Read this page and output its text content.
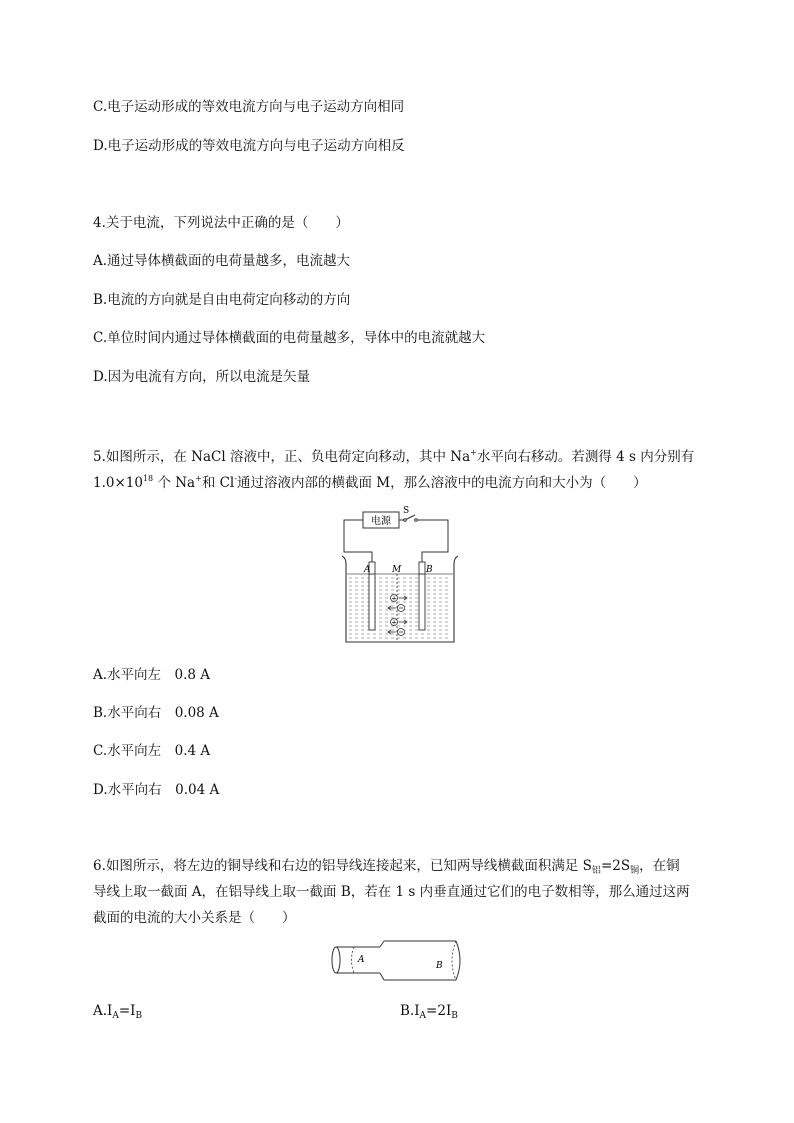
C.电子运动形成的等效电流方向与电子运动方向相同
D.电子运动形成的等效电流方向与电子运动方向相反
4.关于电流，下列说法中正确的是（　　）
A.通过导体横截面的电荷量越多，电流越大
B.电流的方向就是自由电荷定向移动的方向
C.单位时间内通过导体横截面的电荷量越多，导体中的电流就越大
D.因为电流有方向，所以电流是矢量
5.如图所示，在 NaCl 溶液中，正、负电荷定向移动，其中 Na+水平向右移动。若测得 4 s 内分别有
$1.0\times 10^{18}$ 个 Na+和 Cl-通过溶液内部的横截面 M，那么溶液中的电流方向和大小为（　　）
电源
S
+
+
A M	B
A.水平向左　0.8 A
B.水平向右　0.08 A
C.水平向左　0.4 A
D.水平向右　0.04 A
6.如图所示，将左边的铜导线和右边的铝导线连接起来，已知两导线横截面积满足 $S_铝=2S_铜$，在铜
导线上取一截面 A，在铝导线上取一截面 B，若在 1 s 内垂直通过它们的电子数相等，那么通过这两
截面的电流的大小关系是（　　）
A
B
$A.I_A=I_B$	$B.I_A=2I_B$
